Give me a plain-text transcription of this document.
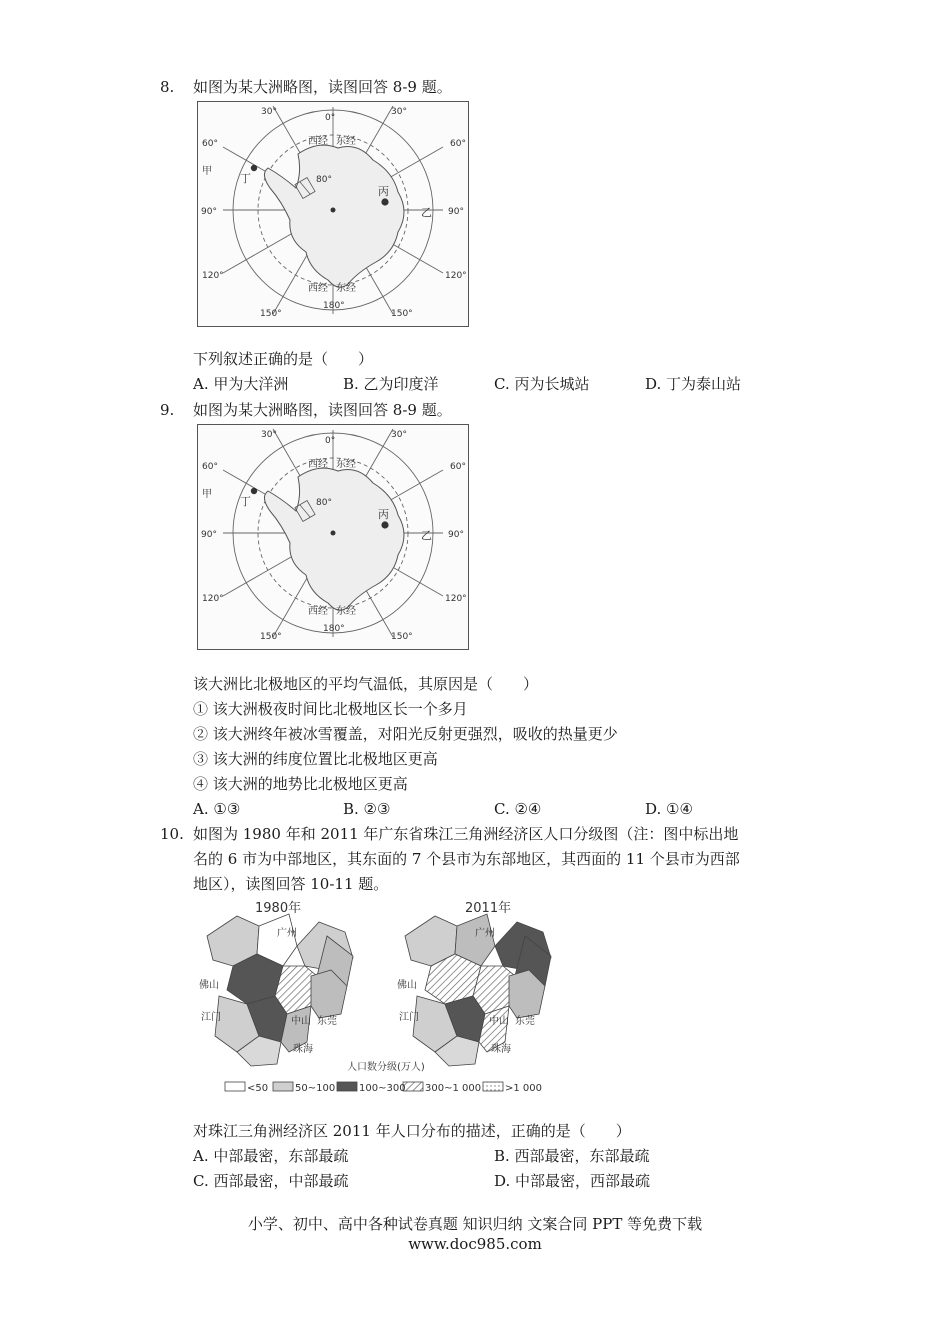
8. 如图为某大洲略图，读图回答 8-9 题。
0°
30°	30°
60°	60°
90°	90°
120°	120°
150°	150°
180°
80°
西经 东经
西经 东经
甲
乙
丙
丁
下列叙述正确的是（　　）
A. 甲为大洋洲	B. 乙为印度洋	C. 丙为长城站	D. 丁为泰山站
9. 如图为某大洲略图，读图回答 8-9 题。
0°
30°	30°
60°	60°
90°	90°
120°	120°
150°	150°
180°
80°
西经 东经
西经 东经
甲
乙
丙
丁
该大洲比北极地区的平均气温低，其原因是（　　）
① 该大洲极夜时间比北极地区长一个多月
② 该大洲终年被冰雪覆盖，对阳光反射更强烈，吸收的热量更少
③ 该大洲的纬度位置比北极地区更高
④ 该大洲的地势比北极地区更高
A. ①③	B. ②③	C. ②④	D. ①④
10. 如图为 1980 年和 2011 年广东省珠江三角洲经济区人口分级图（注：图中标出地
名的 6 市为中部地区，其东面的 7 个县市为东部地区，其西面的 11 个县市为西部
地区），读图回答 10-11 题。
1980年
广州
佛山
江门	中山 东莞
珠海
2011年
广州
佛山
江门	中山 东莞
珠海
人口数分级(万人)
<50	50~100 100~300 300~1 000 >1 000
对珠江三角洲经济区 2011 年人口分布的描述，正确的是（　　）
A. 中部最密，东部最疏	B. 西部最密，东部最疏
C. 西部最密，中部最疏	D. 中部最密，西部最疏
小学、初中、高中各种试卷真题 知识归纳 文案合同 PPT 等免费下载
www.doc985.com
